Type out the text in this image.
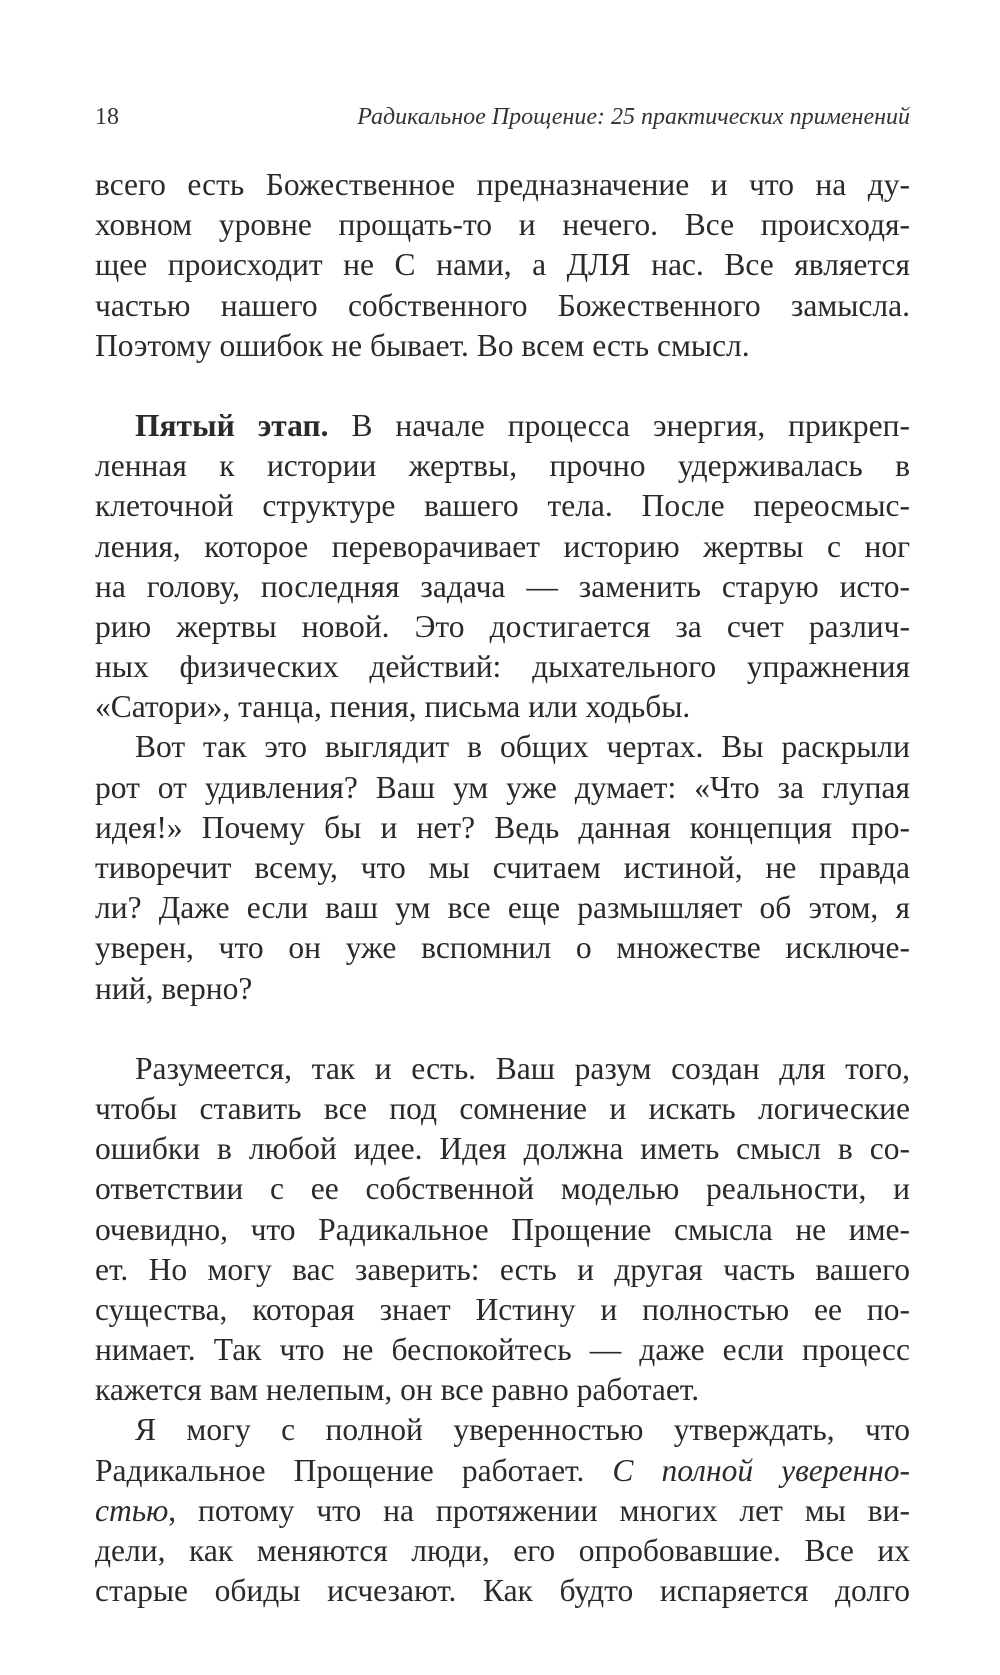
18	Радикальное Прощение: 25 практических применений
всего есть Божественное предназначение и что на ду-
ховном уровне прощать-то и нечего. Все происходя-
щее происходит не С нами, а ДЛЯ нас. Все является
частью нашего собственного Божественного замысла.
Поэтому ошибок не бывает. Во всем есть смысл.
Пятый этап. В начале процесса энергия, прикреп-
ленная к истории жертвы, прочно удерживалась в
клеточной структуре вашего тела. После переосмыс-
ления, которое переворачивает историю жертвы с ног
на голову, последняя задача — заменить старую исто-
рию жертвы новой. Это достигается за счет различ-
ных физических действий: дыхательного упражнения
«Сатори», танца, пения, письма или ходьбы.
Вот так это выглядит в общих чертах. Вы раскрыли
рот от удивления? Ваш ум уже думает: «Что за глупая
идея!» Почему бы и нет? Ведь данная концепция про-
тиворечит всему, что мы считаем истиной, не правда
ли? Даже если ваш ум все еще размышляет об этом, я
уверен, что он уже вспомнил о множестве исключе-
ний, верно?
Разумеется, так и есть. Ваш разум создан для того,
чтобы ставить все под сомнение и искать логические
ошибки в любой идее. Идея должна иметь смысл в со-
ответствии с ее собственной моделью реальности, и
очевидно, что Радикальное Прощение смысла не име-
ет. Но могу вас заверить: есть и другая часть вашего
существа, которая знает Истину и полностью ее по-
нимает. Так что не беспокойтесь — даже если процесс
кажется вам нелепым, он все равно работает.
Я могу с полной уверенностью утверждать, что
Радикальное Прощение работает. С полной уверенно-
стью, потому что на протяжении многих лет мы ви-
дели, как меняются люди, его опробовавшие. Все их
старые обиды исчезают. Как будто испаряется долго
